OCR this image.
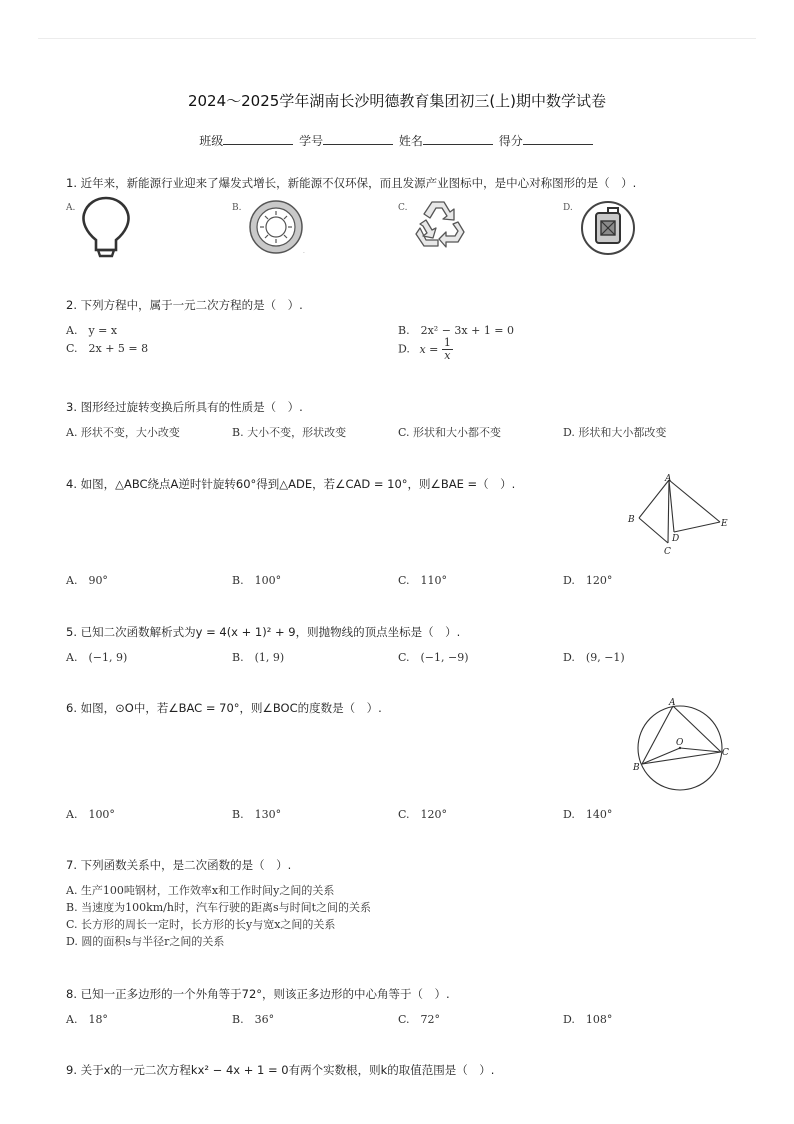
2024～2025学年湖南长沙明德教育集团初三(上)期中数学试卷
班级	学号	姓名	得分
1. 近年来，新能源行业迎来了爆发式增长，新能源不仅环保，而且发源产业图标中，是中心对称图形的是（　）.
A.	B.	C.	D.
-
2. 下列方程中，属于一元二次方程的是（　）.
A.　y = x	B.　2x² − 3x + 1 = 0
C.　2x + 5 = 8	D. $x = \frac{1}{x}$
3. 图形经过旋转变换后所具有的性质是（　）.
A. 形状不变，大小改变	B. 大小不变，形状改变	C. 形状和大小都不变	D. 形状和大小都改变
4. 如图，△ABC绕点A逆时针旋转60°得到△ADE，若∠CAD = 10°，则∠BAE =（　）.	A
B	E
D
C
A.　90°	B.　100°	C.　110°	D.　120°
5. 已知二次函数解析式为y = 4(x + 1)² + 9，则抛物线的顶点坐标是（　）.
A.　(−1, 9)	B.　(1, 9)	C.　(−1, −9)	D.　(9, −1)
6. 如图，⊙O中，若∠BAC = 70°，则∠BOC的度数是（　）.	A
O
C
B
A.　100°	B.　130°	C.　120°	D.　140°
7. 下列函数关系中，是二次函数的是（　）.
A. 生产100吨钢材，工作效率x和工作时间y之间的关系
B. 当速度为100km/h时，汽车行驶的距离s与时间t之间的关系
C. 长方形的周长一定时，长方形的长y与宽x之间的关系
D. 圆的面积s与半径r之间的关系
8. 已知一正多边形的一个外角等于72°，则该正多边形的中心角等于（　）.
A.　18°	B.　36°	C.　72°	D.　108°
9. 关于x的一元二次方程kx² − 4x + 1 = 0有两个实数根，则k的取值范围是（　）.
